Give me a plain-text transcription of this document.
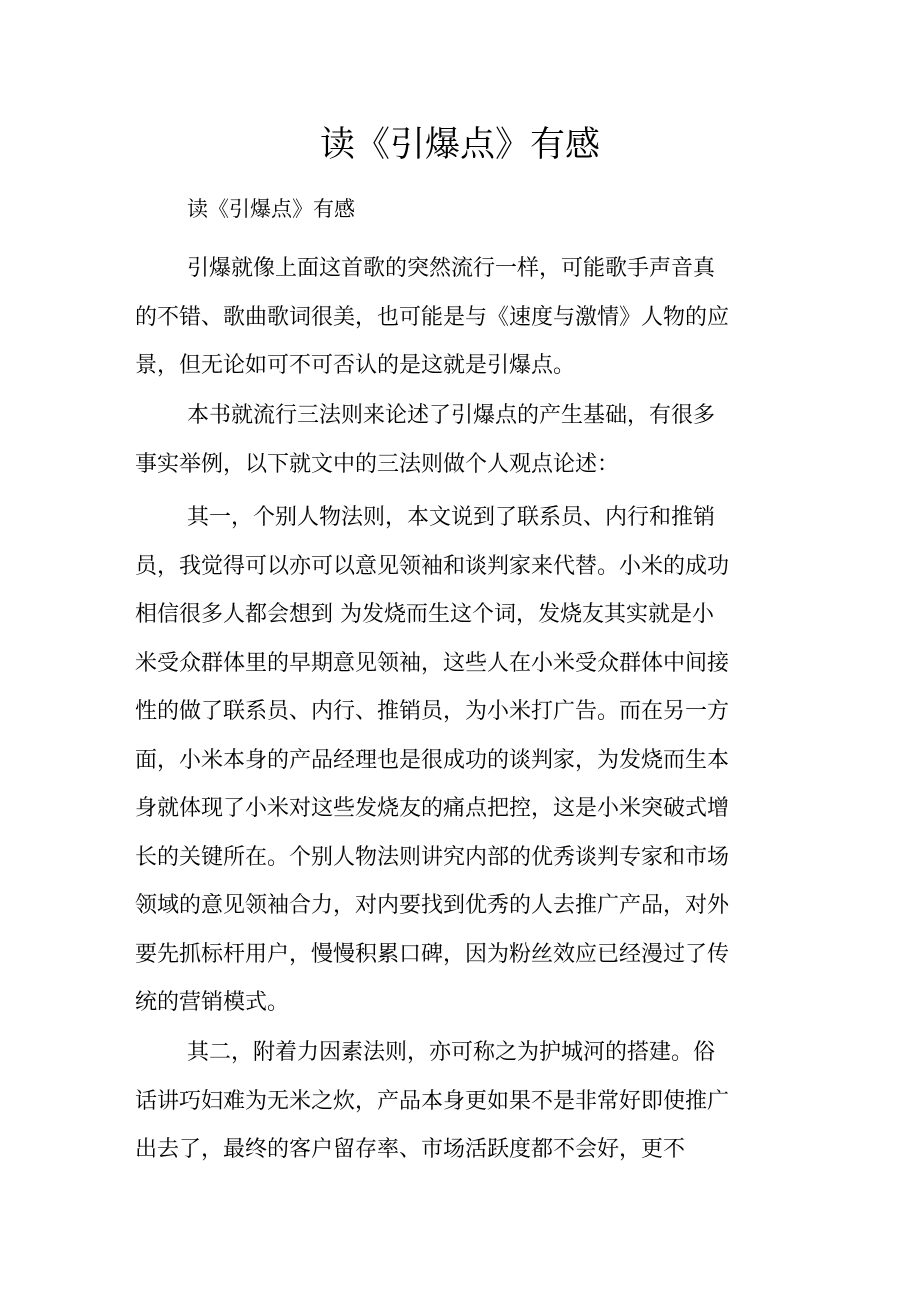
读《引爆点》有感
读《引爆点》有感

引爆就像上面这首歌的突然流行一样，可能歌手声音真的不错、歌曲歌词很美，也可能是与《速度与激情》人物的应景，但无论如可不可否认的是这就是引爆点。

本书就流行三法则来论述了引爆点的产生基础，有很多事实举例，以下就文中的三法则做个人观点论述：

其一，个别人物法则，本文说到了联系员、内行和推销员，我觉得可以亦可以意见领袖和谈判家来代替。小米的成功相信很多人都会想到 为发烧而生这个词，发烧友其实就是小米受众群体里的早期意见领袖，这些人在小米受众群体中间接性的做了联系员、内行、推销员，为小米打广告。而在另一方面，小米本身的产品经理也是很成功的谈判家，为发烧而生本身就体现了小米对这些发烧友的痛点把控，这是小米突破式增长的关键所在。个别人物法则讲究内部的优秀谈判专家和市场领域的意见领袖合力，对内要找到优秀的人去推广产品，对外要先抓标杆用户，慢慢积累口碑，因为粉丝效应已经漫过了传统的营销模式。

其二，附着力因素法则，亦可称之为护城河的搭建。俗话讲巧妇难为无米之炊，产品本身更如果不是非常好即使推广出去了，最终的客户留存率、市场活跃度都不会好，更不
